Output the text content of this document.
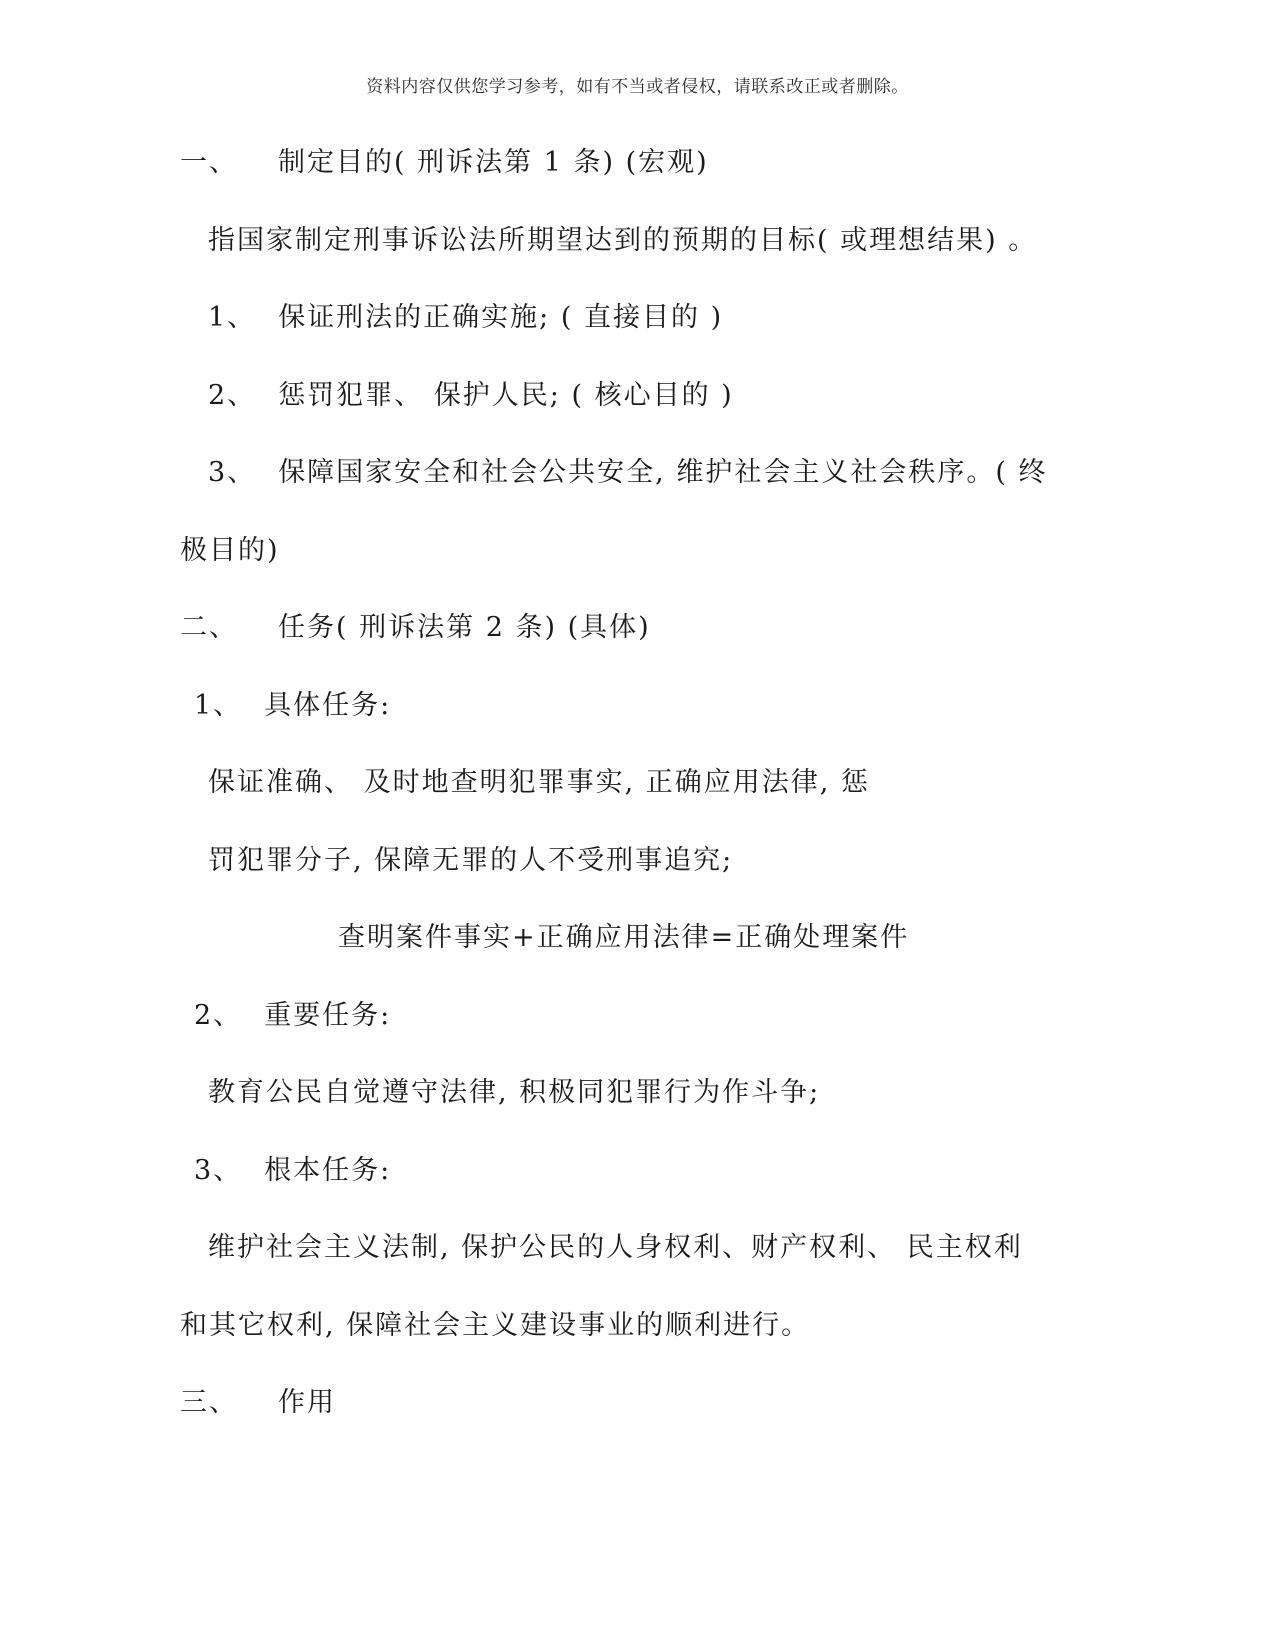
资料内容仅供您学习参考，如有不当或者侵权，请联系改正或者删除。
一、 制定目的( 刑诉法第 1 条) (宏观)
指国家制定刑事诉讼法所期望达到的预期的目标( 或理想结果) 。
1、 保证刑法的正确实施; ( 直接目的 )
2、 惩罚犯罪、 保护人民; ( 核心目的 )
3、 保障国家安全和社会公共安全, 维护社会主义社会秩序。( 终
极目的)
二、 任务( 刑诉法第 2 条) (具体)
1、 具体任务:
保证准确、 及时地查明犯罪事实, 正确应用法律, 惩
罚犯罪分子, 保障无罪的人不受刑事追究;
查明案件事实+正确应用法律=正确处理案件
2、 重要任务:
教育公民自觉遵守法律, 积极同犯罪行为作斗争;
3、 根本任务:
维护社会主义法制, 保护公民的人身权利、财产权利、 民主权利
和其它权利, 保障社会主义建设事业的顺利进行。
三、 作用
